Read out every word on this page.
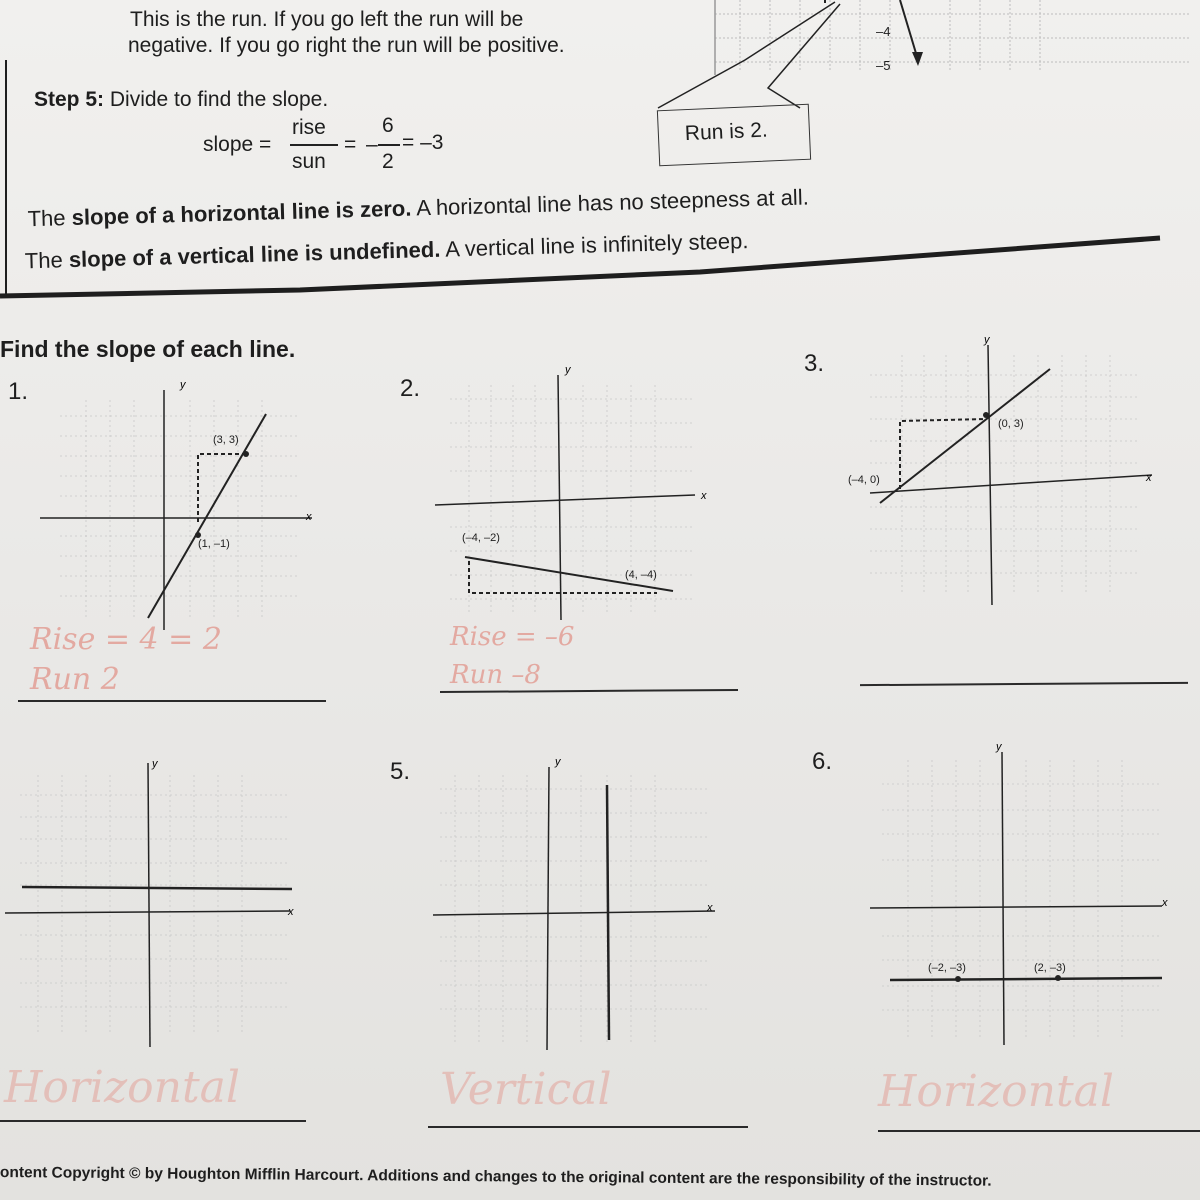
This is the run. If you go left the run will be
negative. If you go right the run will be positive.
Step 5: Divide to find the slope.
slope =
rise
sun
= –
6
2
= –3
–4
–5
Run is 2.
The slope of a horizontal line is zero. A horizontal line has no steepness at all.
The slope of a vertical line is undefined. A vertical line is infinitely steep.
Find the slope of each line.
1.	2.
3.
5.	6.
y
x
(3, 3)
(1, –1)
y
x
(–4, –2)
(4, –4)
y
x
(0, 3)
(–4, 0)
Rise = 4 = 2
Run 2
Rise = –6
Run –8
y
x
y
x
y
x
(–2, –3)	(2, –3)
Horizontal	Vertical	Horizontal
ontent Copyright © by Houghton Mifflin Harcourt. Additions and changes to the original content are the responsibility of the instructor.
